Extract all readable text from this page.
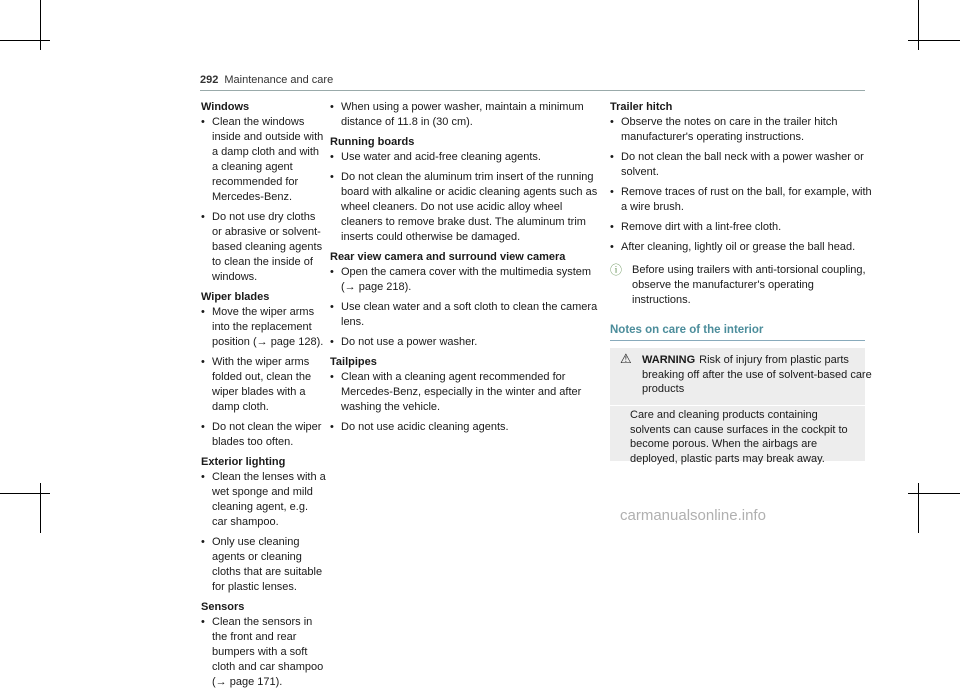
292 Maintenance and care

Windows

• Clean the windows inside and outside with a damp cloth and with a cleaning agent recommended for Mercedes-Benz.
• Do not use dry cloths or abrasive or solvent-based cleaning agents to clean the inside of windows.

Wiper blades

• Move the wiper arms into the replacement position (→ page 128).
• With the wiper arms folded out, clean the wiper blades with a damp cloth.
• Do not clean the wiper blades too often.

Exterior lighting

• Clean the lenses with a wet sponge and mild cleaning agent, e.g. car shampoo.
• Only use cleaning agents or cleaning cloths that are suitable for plastic lenses.

Sensors

• Clean the sensors in the front and rear bumpers with a soft cloth and car shampoo (→ page 171).
• When using a power washer, maintain a minimum distance of 11.8 in (30 cm).

Running boards

• Use water and acid-free cleaning agents.
• Do not clean the aluminum trim insert of the running board with alkaline or acidic cleaning agents such as wheel cleaners. Do not use acidic alloy wheel cleaners to remove brake dust. The aluminum trim inserts could otherwise be damaged.

Rear view camera and surround view camera

• Open the camera cover with the multimedia system (→ page 218).
• Use clean water and a soft cloth to clean the camera lens.
• Do not use a power washer.

Tailpipes

• Clean with a cleaning agent recommended for Mercedes-Benz, especially in the winter and after washing the vehicle.
• Do not use acidic cleaning agents.

Trailer hitch

• Observe the notes on care in the trailer hitch manufacturer's operating instructions.
• Do not clean the ball neck with a power washer or solvent.
• Remove traces of rust on the ball, for example, with a wire brush.
• Remove dirt with a lint-free cloth.
• After cleaning, lightly oil or grease the ball head.
ⓘ Before using trailers with anti-torsional coupling, observe the manufacturer's operating instructions.
Notes on care of the interior
⚠ WARNING Risk of injury from plastic parts breaking off after the use of solvent-based care products
Care and cleaning products containing solvents can cause surfaces in the cockpit to become porous. When the airbags are deployed, plastic parts may break away.
carmanualsonline.info
